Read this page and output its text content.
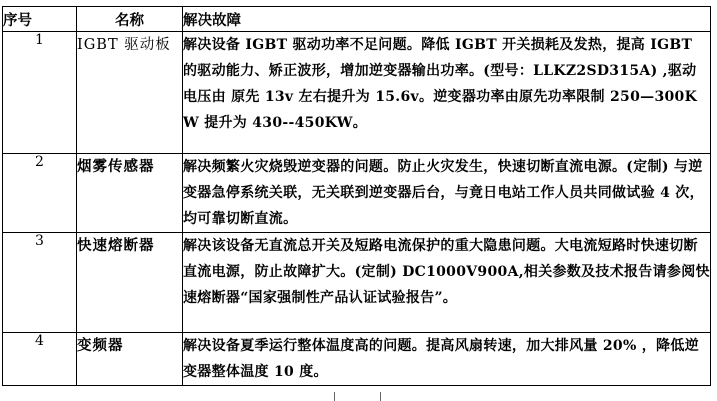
序号	名称	解决故障
1	IGBT 驱动板	解决设备 IGBT 驱动功率不足问题。降低 IGBT 开关损耗及发热，提高 IGBT 的驱动能力、矫正波形，增加逆变器输出功率。(型号：LLKZ2SD315A) ,驱动电压由 原先 13v 左右提升为 15.6v。逆变器功率由原先功率限制 250—300KW 提升为 430--450KW。
2	烟雾传感器	解决频繁火灾烧毁逆变器的问题。防止火灾发生，快速切断直流电源。(定制) 与逆变器急停系统关联，无关联到逆变器后台，与竟日电站工作人员共同做试验 4 次，均可靠切断直流。
3	快速熔断器	解决该设备无直流总开关及短路电流保护的重大隐患问题。大电流短路时快速切断直流电源，防止故障扩大。(定制) DC1000V900A,相关参数及技术报告请参阅快速熔断器“国家强制性产品认证试验报告”。
4	变频器	解决设备夏季运行整体温度高的问题。提高风扇转速，加大排风量 20% ，降低逆变器整体温度 10 度。
